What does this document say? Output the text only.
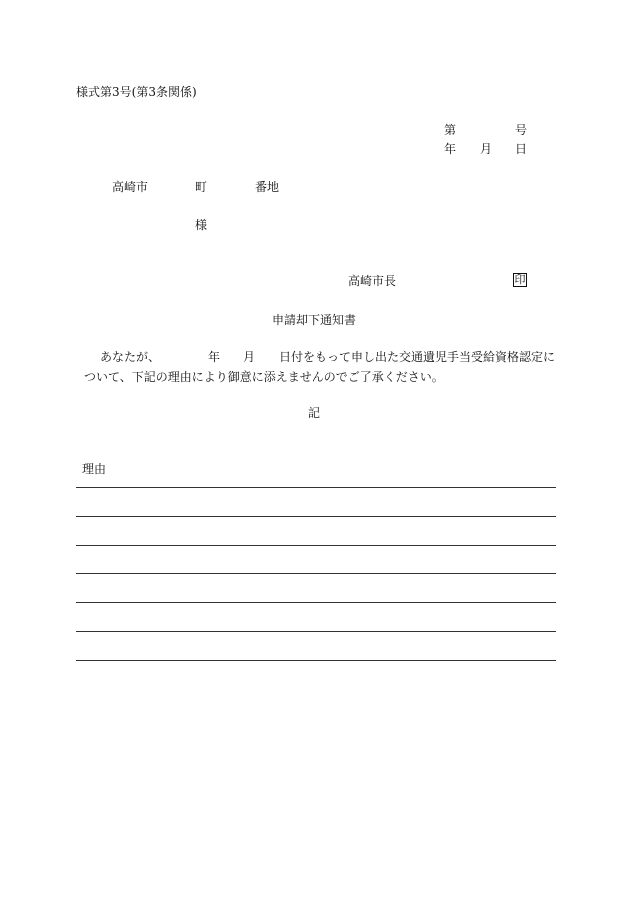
様式第3号(第3条関係)
第	号
年 月 日
高崎市	町	番地
様
高崎市長	印
申請却下通知書
あなたが、	年 月 日付をもって申し出た交通遺児手当受給資格認定に
ついて、下記の理由により御意に添えませんのでご了承ください。
記
理由
